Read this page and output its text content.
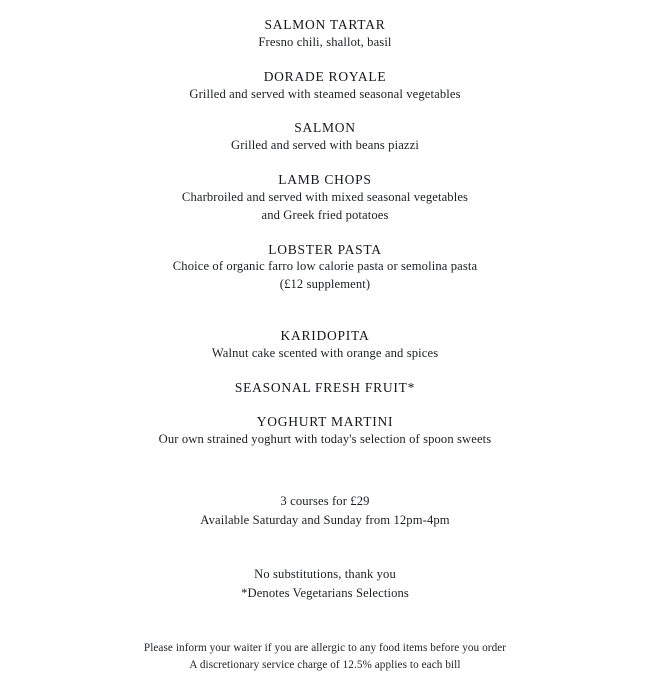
SALMON TARTAR
Fresno chili, shallot, basil
DORADE ROYALE
Grilled and served with steamed seasonal vegetables
SALMON
Grilled and served with beans piazzi
LAMB CHOPS
Charbroiled and served with mixed seasonal vegetables
and Greek fried potatoes
LOBSTER PASTA
Choice of organic farro low calorie pasta or semolina pasta
(£12 supplement)
KARIDOPITA
Walnut cake scented with orange and spices
SEASONAL FRESH FRUIT*
YOGHURT MARTINI
Our own strained yoghurt with today's selection of spoon sweets
3 courses for £29
Available Saturday and Sunday from 12pm-4pm
No substitutions, thank you
*Denotes Vegetarians Selections
Please inform your waiter if you are allergic to any food items before you order
A discretionary service charge of 12.5% applies to each bill
